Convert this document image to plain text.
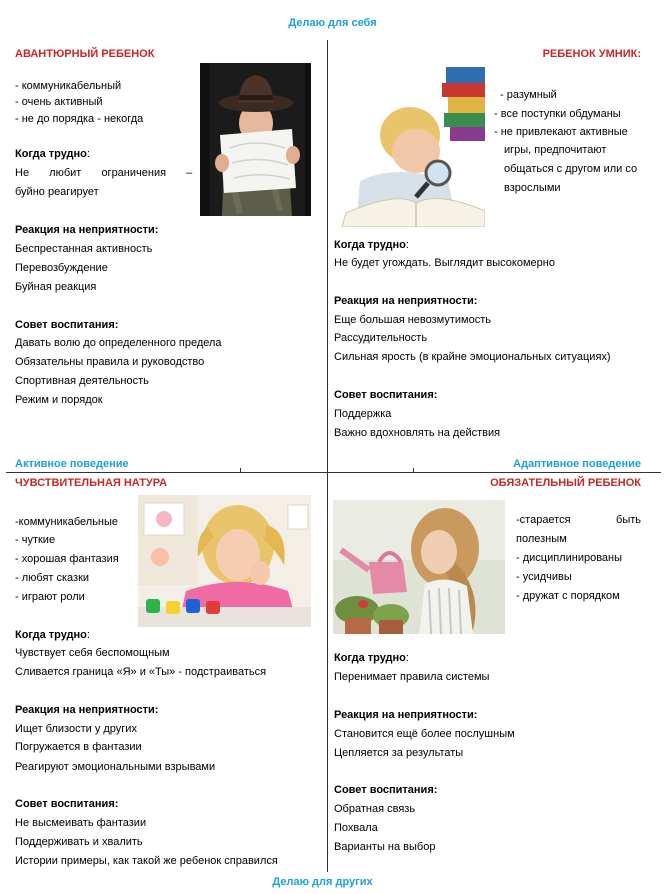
Делаю для себя
Делаю для других
Активное поведение	Адаптивное поведение
АВАНТЮРНЫЙ РЕБЕНОК
- коммуникабельный
- очень активный
- не до порядка - некогда
Когда трудно:
Не  любит  ограничения  –
буйно реагирует
Реакция на неприятности:
Беспрестанная активность
Перевозбуждение
Буйная реакция
Совет воспитания:
Давать волю до определенного предела
Обязательны правила и руководство
Спортивная деятельность
Режим и порядок
РЕБЕНОК УМНИК:
- разумный
- все поступки обдуманы
- не привлекают активные
игры, предпочитают
общаться с другом или со
взрослыми
Когда трудно:
Не будет угождать. Выглядит высокомерно
Реакция на неприятности:
Еще большая невозмутимость
Рассудительность
Сильная ярость (в крайне эмоциональных ситуациях)
Совет воспитания:
Поддержка
Важно вдохновлять на действия
ЧУВСТВИТЕЛЬНАЯ НАТУРА
-коммуникабельные
- чуткие
- хорошая фантазия
- любят сказки
- играют роли
Когда трудно:
Чувствует себя беспомощным
Сливается граница «Я» и «Ты» - подстраиваться
Реакция на неприятности:
Ищет близости у других
Погружается в фантазии
Реагируют эмоциональными взрывами
Совет воспитания:
Не высмеивать фантазии
Поддерживать и хвалить
Истории примеры, как такой же ребенок справился
ОБЯЗАТЕЛЬНЫЙ РЕБЕНОК
-старается	быть
полезным
- дисциплинированы
- усидчивы
- дружат с порядком
Когда трудно:
Перенимает правила системы
Реакция на неприятности:
Становится ещё более послушным
Цепляется за результаты
Совет воспитания:
Обратная связь
Похвала
Варианты на выбор
